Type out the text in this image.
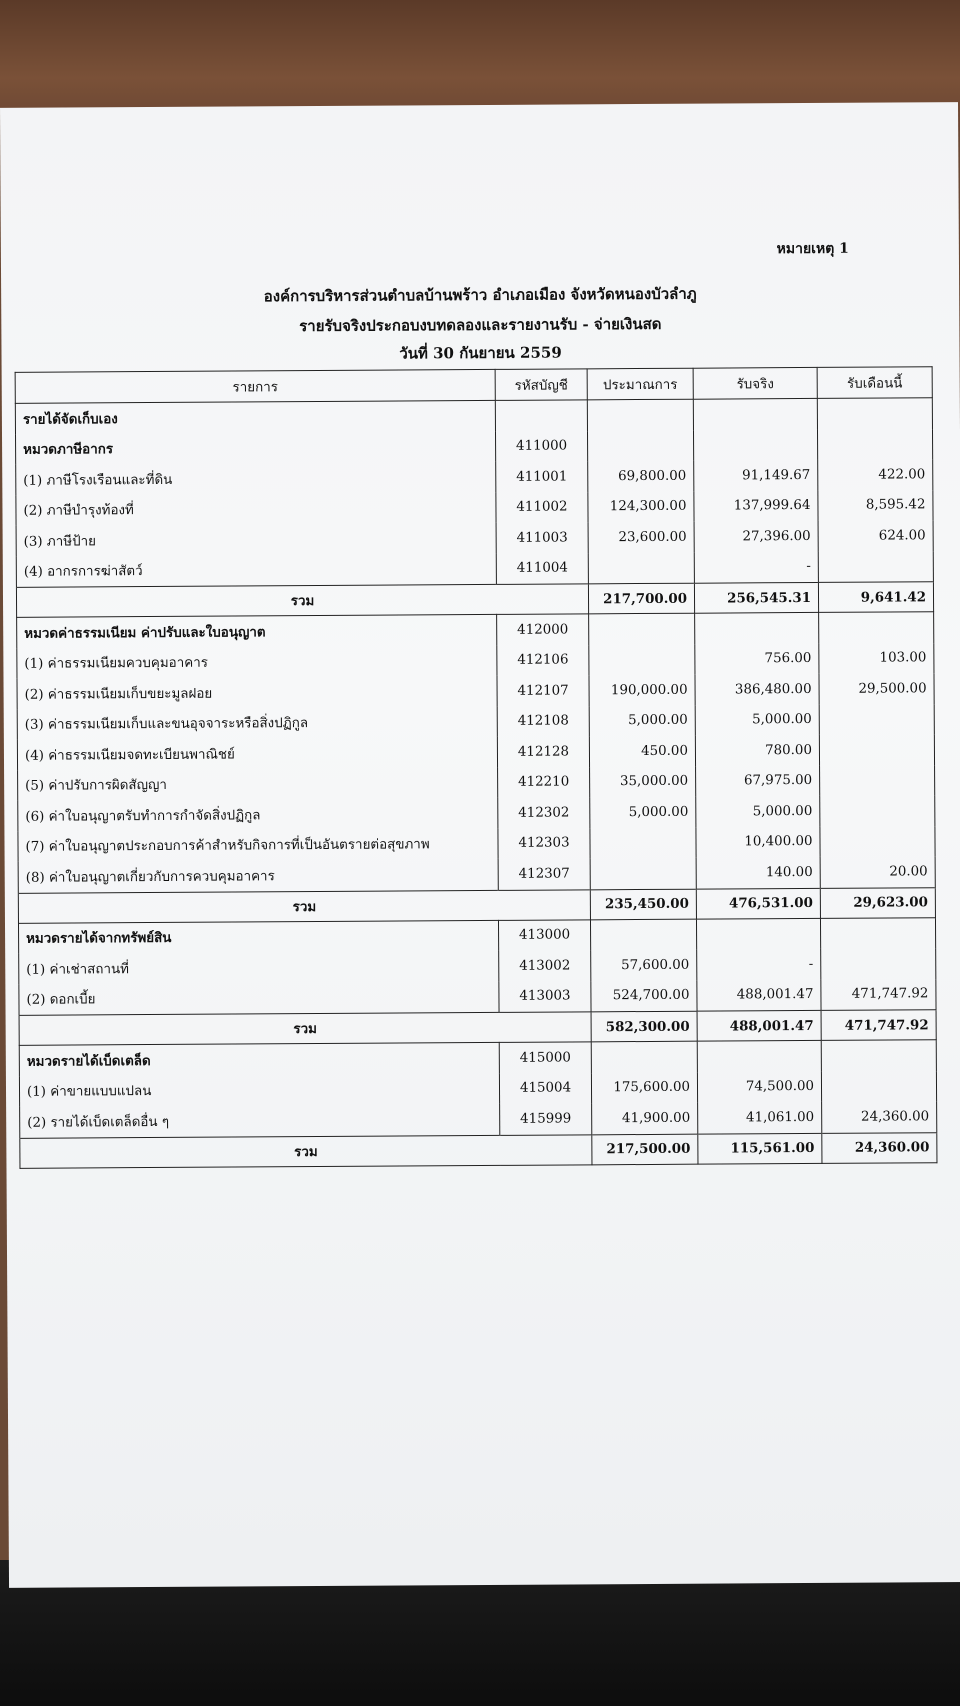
หมายเหตุ 1
องค์การบริหารส่วนตำบลบ้านพร้าว อำเภอเมือง จังหวัดหนองบัวลำภู
รายรับจริงประกอบงบทดลองและรายงานรับ - จ่ายเงินสด
วันที่ 30 กันยายน 2559
รายการ	รหัสบัญชี	ประมาณการ	รับจริง	รับเดือนนี้
รายได้จัดเก็บเอง				
หมวดภาษีอากร	411000			
(1) ภาษีโรงเรือนและที่ดิน	411001	69,800.00	91,149.67	422.00
(2) ภาษีบำรุงท้องที่	411002	124,300.00	137,999.64	8,595.42
(3) ภาษีป้าย	411003	23,600.00	27,396.00	624.00
(4) อากรการฆ่าสัตว์	411004		-	
รวม		217,700.00	256,545.31	9,641.42
หมวดค่าธรรมเนียม ค่าปรับและใบอนุญาต	412000			
(1) ค่าธรรมเนียมควบคุมอาคาร	412106		756.00	103.00
(2) ค่าธรรมเนียมเก็บขยะมูลฝอย	412107	190,000.00	386,480.00	29,500.00
(3) ค่าธรรมเนียมเก็บและขนอุจจาระหรือสิ่งปฏิกูล	412108	5,000.00	5,000.00	
(4) ค่าธรรมเนียมจดทะเบียนพาณิชย์	412128	450.00	780.00	
(5) ค่าปรับการผิดสัญญา	412210	35,000.00	67,975.00	
(6) ค่าใบอนุญาตรับทำการกำจัดสิ่งปฏิกูล	412302	5,000.00	5,000.00	
(7) ค่าใบอนุญาตประกอบการค้าสำหรับกิจการที่เป็นอันตรายต่อสุขภาพ	412303		10,400.00	
(8) ค่าใบอนุญาตเกี่ยวกับการควบคุมอาคาร	412307		140.00	20.00
รวม		235,450.00	476,531.00	29,623.00
หมวดรายได้จากทรัพย์สิน	413000			
(1) ค่าเช่าสถานที่	413002	57,600.00	-	
(2) ดอกเบี้ย	413003	524,700.00	488,001.47	471,747.92
รวม		582,300.00	488,001.47	471,747.92
หมวดรายได้เบ็ดเตล็ด	415000			
(1) ค่าขายแบบแปลน	415004	175,600.00	74,500.00	
(2) รายได้เบ็ดเตล็ดอื่น ๆ	415999	41,900.00	41,061.00	24,360.00
รวม		217,500.00	115,561.00	24,360.00
